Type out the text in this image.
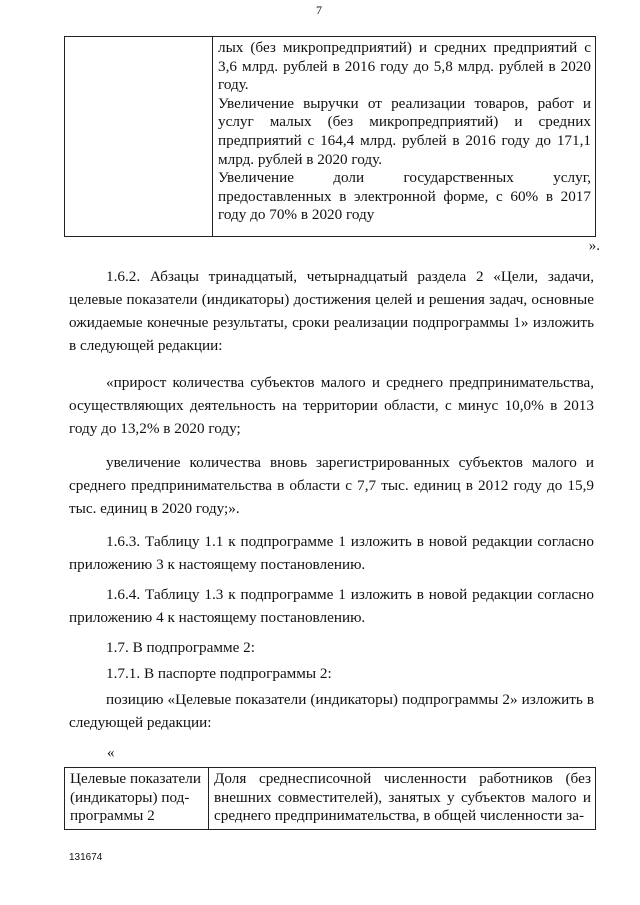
7

лых (без микропредприятий) и средних предприятий с 3,6 млрд. рублей в 2016 году до 5,8 млрд. рублей в 2020 году.
Увеличение выручки от реализации товаров, работ и услуг малых (без микропредприятий) и средних предприятий с 164,4 млрд. рублей в 2016 году до 171,1 млрд. рублей в 2020 году.
Увеличение доли государственных услуг, предоставленных в электронной форме, с 60% в 2017 году до 70% в 2020 году
».

1.6.2. Абзацы тринадцатый, четырнадцатый раздела 2 «Цели, задачи, целевые показатели (индикаторы) достижения целей и решения задач, основные ожидаемые конечные результаты, сроки реализации подпрограммы 1» изложить в следующей редакции:

«прирост количества субъектов малого и среднего предпринимательства, осуществляющих деятельность на территории области, с минус 10,0% в 2013 году до 13,2% в 2020 году;

увеличение количества вновь зарегистрированных субъектов малого и среднего предпринимательства в области с 7,7 тыс. единиц в 2012 году до 15,9 тыс. единиц в 2020 году;».

1.6.3. Таблицу 1.1 к подпрограмме 1 изложить в новой редакции согласно приложению 3 к настоящему постановлению.

1.6.4. Таблицу 1.3 к подпрограмме 1 изложить в новой редакции согласно приложению 4 к настоящему постановлению.

1.7. В подпрограмме 2:

1.7.1. В паспорте подпрограммы 2:

позицию «Целевые показатели (индикаторы) подпрограммы 2» изложить в следующей редакции:

«
Целевые показатели
(индикаторы) под-
программы 2
	Доля среднесписочной численности работников (без внешних совместителей), занятых у субъектов малого и среднего предпринимательства, в общей численности за-
131674
